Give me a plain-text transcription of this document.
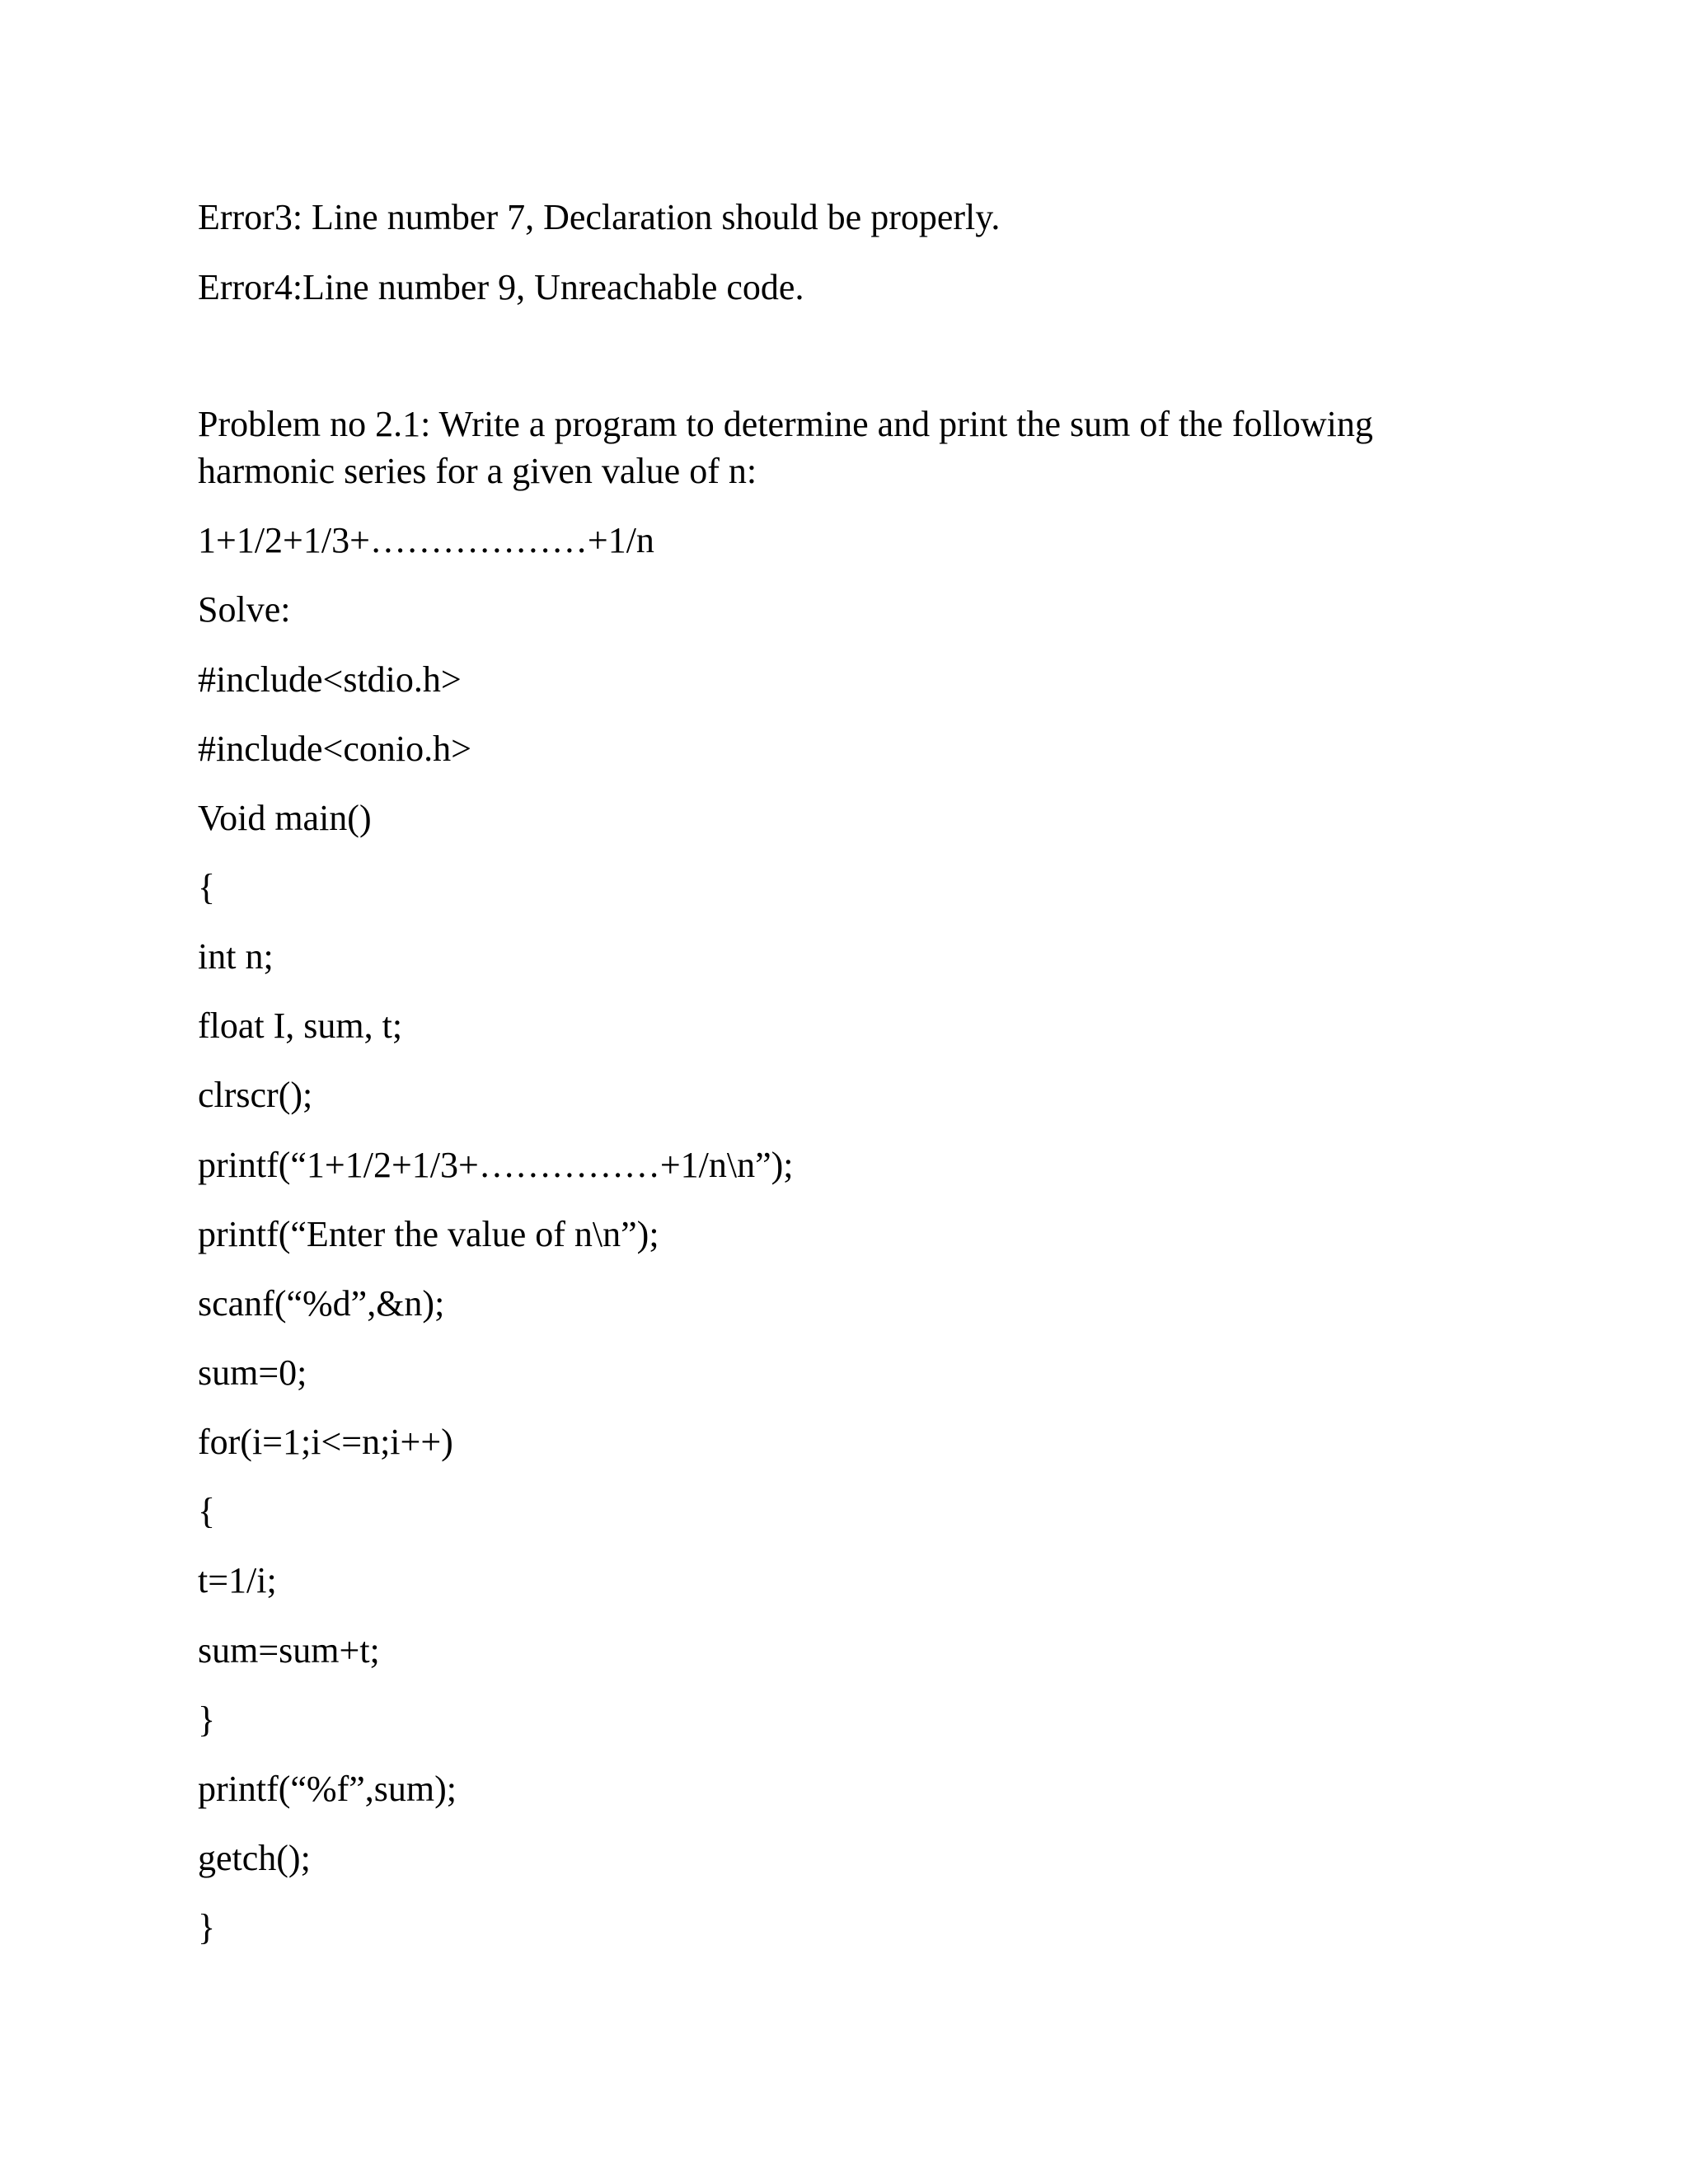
Error3: Line number 7, Declaration should be properly.
Error4:Line number 9, Unreachable code.
Problem no 2.1: Write a program to determine and print the sum of the following
harmonic series for a given value of n:
1+1/2+1/3+………………+1/n
Solve:
#include<stdio.h>
#include<conio.h>
Void main()
{
int n;
float I, sum, t;
clrscr();
printf(“1+1/2+1/3+……………+1/n\n”);
printf(“Enter the value of n\n”);
scanf(“%d”,&n);
sum=0;
for(i=1;i<=n;i++)
{
t=1/i;
sum=sum+t;
}
printf(“%f”,sum);
getch();
}
